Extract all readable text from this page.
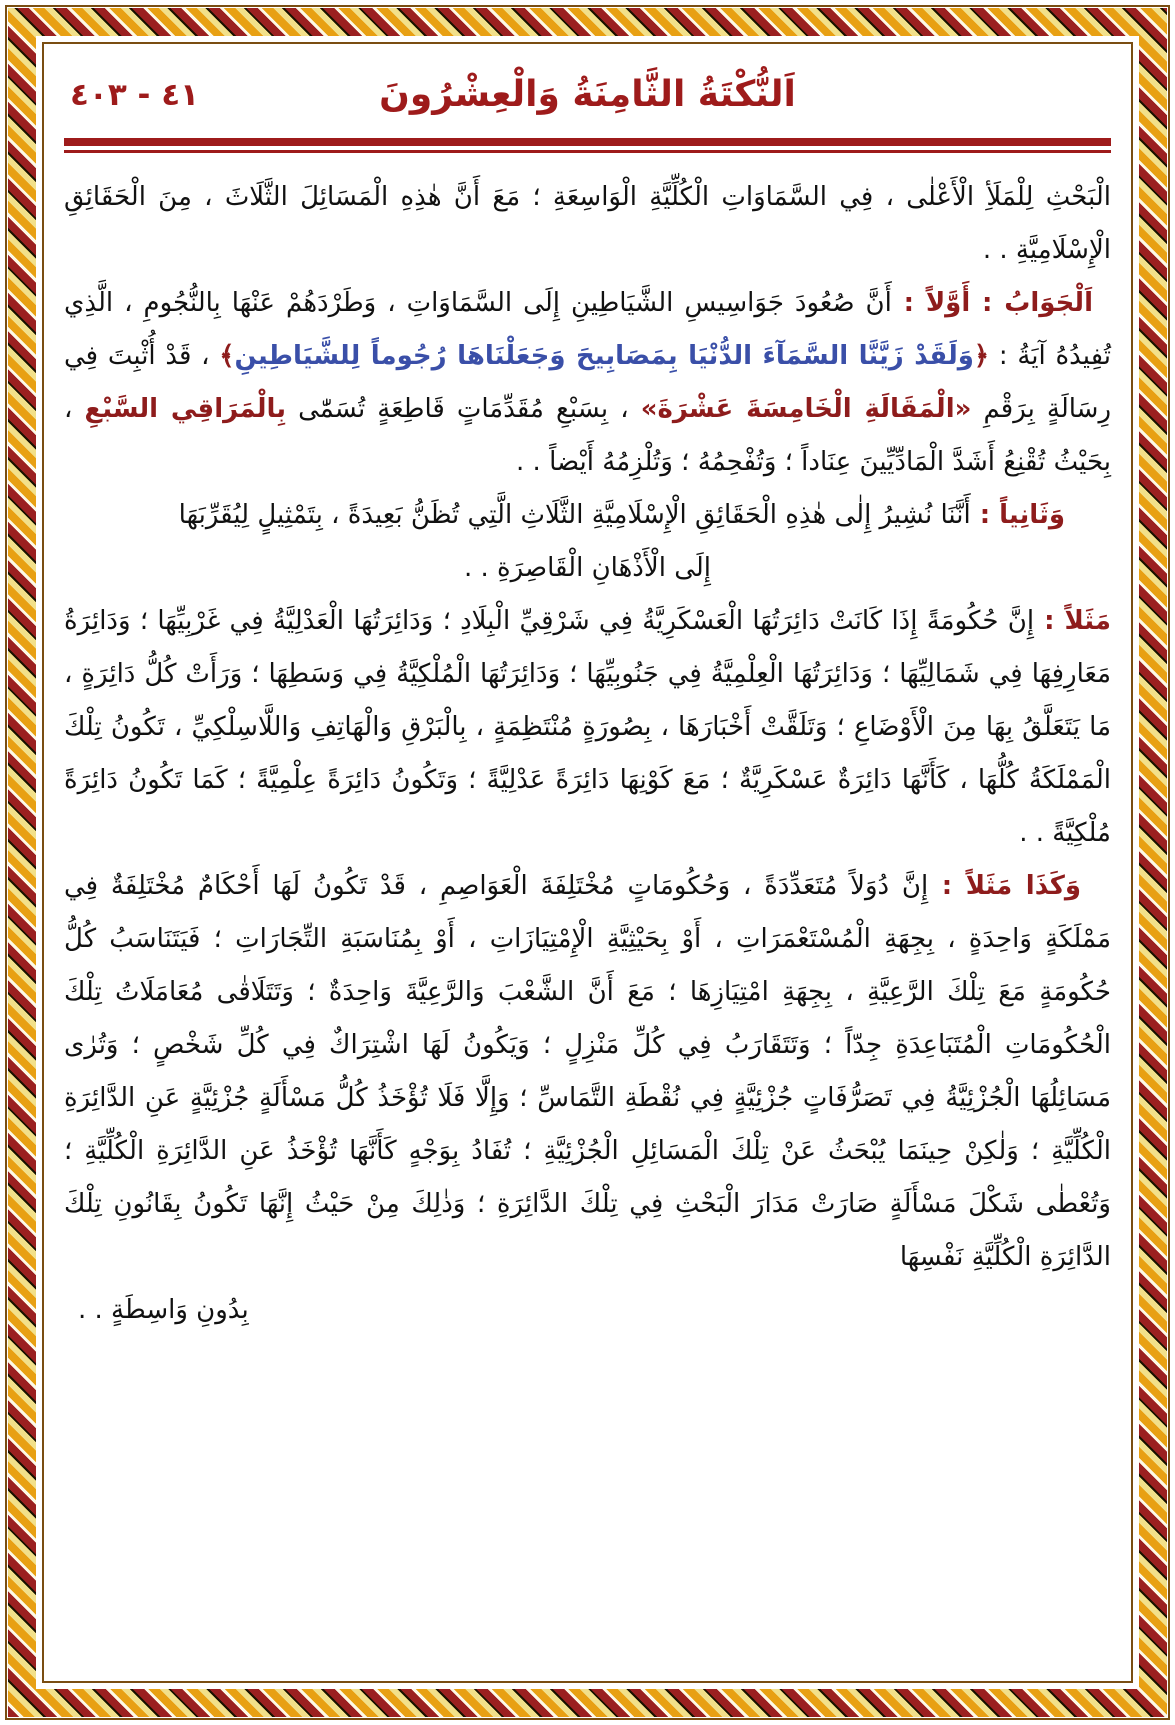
٤١ - ٤٠٣	اَلنُّكْتَةُ الثَّامِنَةُ وَالْعِشْرُونَ

الْبَحْثِ لِلْمَلَأِ الْأَعْلٰى ، فِي السَّمَاوَاتِ الْكُلِّيَّةِ الْوَاسِعَةِ ؛ مَعَ أَنَّ هٰذِهِ الْمَسَائِلَ الثَّلَاثَ ، مِنَ الْحَقَائِقِ الْإِسْلَامِيَّةِ . .

اَلْجَوَابُ : أَوَّلاً : أَنَّ صُعُودَ جَوَاسِيسِ الشَّيَاطِينِ إِلَى السَّمَاوَاتِ ، وَطَرْدَهُمْ عَنْهَا بِالنُّجُومِ ، الَّذِي تُفِيدُهُ آيَةُ : ﴿وَلَقَدْ زَيَّنَّا السَّمَآءَ الدُّنْيَا بِمَصَابِيحَ وَجَعَلْنَاهَا رُجُوماً لِلشَّيَاطِينِ﴾ ، قَدْ أُثْبِتَ فِي رِسَالَةٍ بِرَقْمِ «الْمَقَالَةِ الْخَامِسَةَ عَشْرَةَ» ، بِسَبْعِ مُقَدِّمَاتٍ قَاطِعَةٍ تُسَمّٰى بِالْمَرَاقِي السَّبْعِ ، بِحَيْثُ تُقْنِعُ أَشَدَّ الْمَادِّيِّينَ عِنَاداً ؛ وَتُفْحِمُهُ ؛ وَتُلْزِمُهُ أَيْضاً . .

وَثَانِياً : أَنَّنَا نُشِيرُ إِلٰى هٰذِهِ الْحَقَائِقِ الْإِسْلَامِيَّةِ الثَّلَاثِ الَّتِي تُظَنُّ بَعِيدَةً ، بِتَمْثِيلٍ لِيُقَرِّبَهَا

إِلَى الْأَذْهَانِ الْقَاصِرَةِ . .

مَثَلاً : إِنَّ حُكُومَةً إِذَا كَانَتْ دَائِرَتُهَا الْعَسْكَرِيَّةُ فِي شَرْقِيِّ الْبِلَادِ ؛ وَدَائِرَتُهَا الْعَدْلِيَّةُ فِي غَرْبِيِّهَا ؛ وَدَائِرَةُ مَعَارِفِهَا فِي شَمَالِيِّهَا ؛ وَدَائِرَتُهَا الْعِلْمِيَّةُ فِي جَنُوبِيِّهَا ؛ وَدَائِرَتُهَا الْمُلْكِيَّةُ فِي وَسَطِهَا ؛ وَرَأَتْ كُلُّ دَائِرَةٍ ، مَا يَتَعَلَّقُ بِهَا مِنَ الْأَوْضَاعِ ؛ وَتَلَقَّتْ أَخْبَارَهَا ، بِصُورَةٍ مُنْتَظِمَةٍ ، بِالْبَرْقِ وَالْهَاتِفِ وَاللَّاسِلْكِيِّ ، تَكُونُ تِلْكَ الْمَمْلَكَةُ كُلُّهَا ، كَأَنَّهَا دَائِرَةٌ عَسْكَرِيَّةٌ ؛ مَعَ كَوْنِهَا دَائِرَةً عَدْلِيَّةً ؛ وَتَكُونُ دَائِرَةً عِلْمِيَّةً ؛ كَمَا تَكُونُ دَائِرَةً مُلْكِيَّةً . .

وَكَذَا مَثَلاً : إِنَّ دُوَلاً مُتَعَدِّدَةً ، وَحُكُومَاتٍ مُخْتَلِفَةَ الْعَوَاصِمِ ، قَدْ تَكُونُ لَهَا أَحْكَامٌ مُخْتَلِفَةٌ فِي مَمْلَكَةٍ وَاحِدَةٍ ، بِجِهَةِ الْمُسْتَعْمَرَاتِ ، أَوْ بِحَيْثِيَّةِ الْإِمْتِيَازَاتِ ، أَوْ بِمُنَاسَبَةِ التِّجَارَاتِ ؛ فَيَتَنَاسَبُ كُلُّ حُكُومَةٍ مَعَ تِلْكَ الرَّعِيَّةِ ، بِجِهَةِ امْتِيَازِهَا ؛ مَعَ أَنَّ الشَّعْبَ وَالرَّعِيَّةَ وَاحِدَةٌ ؛ وَتَتَلَاقٰى مُعَامَلَاتُ تِلْكَ الْحُكُومَاتِ الْمُتَبَاعِدَةِ جِدّاً ؛ وَتَتَقَارَبُ فِي كُلِّ مَنْزِلٍ ؛ وَيَكُونُ لَهَا اشْتِرَاكٌ فِي كُلِّ شَخْصٍ ؛ وَتُرٰى مَسَائِلُهَا الْجُزْئِيَّةُ فِي تَصَرُّفَاتٍ جُزْئِيَّةٍ فِي نُقْطَةِ التَّمَاسِّ ؛ وَإِلَّا فَلَا تُؤْخَذُ كُلُّ مَسْأَلَةٍ جُزْئِيَّةٍ عَنِ الدَّائِرَةِ الْكُلِّيَّةِ ؛ وَلٰكِنْ حِينَمَا يُبْحَثُ عَنْ تِلْكَ الْمَسَائِلِ الْجُزْئِيَّةِ ؛ تُفَادُ بِوَجْهٍ كَأَنَّهَا تُؤْخَذُ عَنِ الدَّائِرَةِ الْكُلِّيَّةِ ؛ وَتُعْطٰى شَكْلَ مَسْأَلَةٍ صَارَتْ مَدَارَ الْبَحْثِ فِي تِلْكَ الدَّائِرَةِ ؛ وَذٰلِكَ مِنْ حَيْثُ إِنَّهَا تَكُونُ بِقَانُونِ تِلْكَ الدَّائِرَةِ الْكُلِّيَّةِ نَفْسِهَا

بِدُونِ وَاسِطَةٍ . .
